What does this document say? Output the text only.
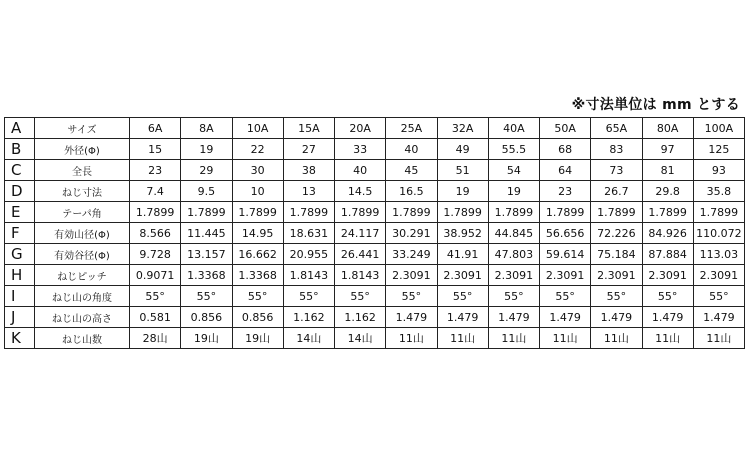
※寸法単位は mm とする
A	サイズ	6A	8A	10A	15A	20A	25A	32A	40A	50A	65A	80A	100A
B	外径(Φ)	15	19	22	27	33	40	49	55.5	68	83	97	125
C	全長	23	29	30	38	40	45	51	54	64	73	81	93
D	ねじ寸法	7.4	9.5	10	13	14.5	16.5	19	19	23	26.7	29.8	35.8
E	テーパ角	1.7899	1.7899	1.7899	1.7899	1.7899	1.7899	1.7899	1.7899	1.7899	1.7899	1.7899	1.7899
F	有効山径(Φ)	8.566	11.445	14.95	18.631	24.117	30.291	38.952	44.845	56.656	72.226	84.926	110.072
G	有効谷径(Φ)	9.728	13.157	16.662	20.955	26.441	33.249	41.91	47.803	59.614	75.184	87.884	113.03
H	ねじピッチ	0.9071	1.3368	1.3368	1.8143	1.8143	2.3091	2.3091	2.3091	2.3091	2.3091	2.3091	2.3091
I	ねじ山の角度	55°	55°	55°	55°	55°	55°	55°	55°	55°	55°	55°	55°
J	ねじ山の高さ	0.581	0.856	0.856	1.162	1.162	1.479	1.479	1.479	1.479	1.479	1.479	1.479
K	ねじ山数	28山	19山	19山	14山	14山	11山	11山	11山	11山	11山	11山	11山
